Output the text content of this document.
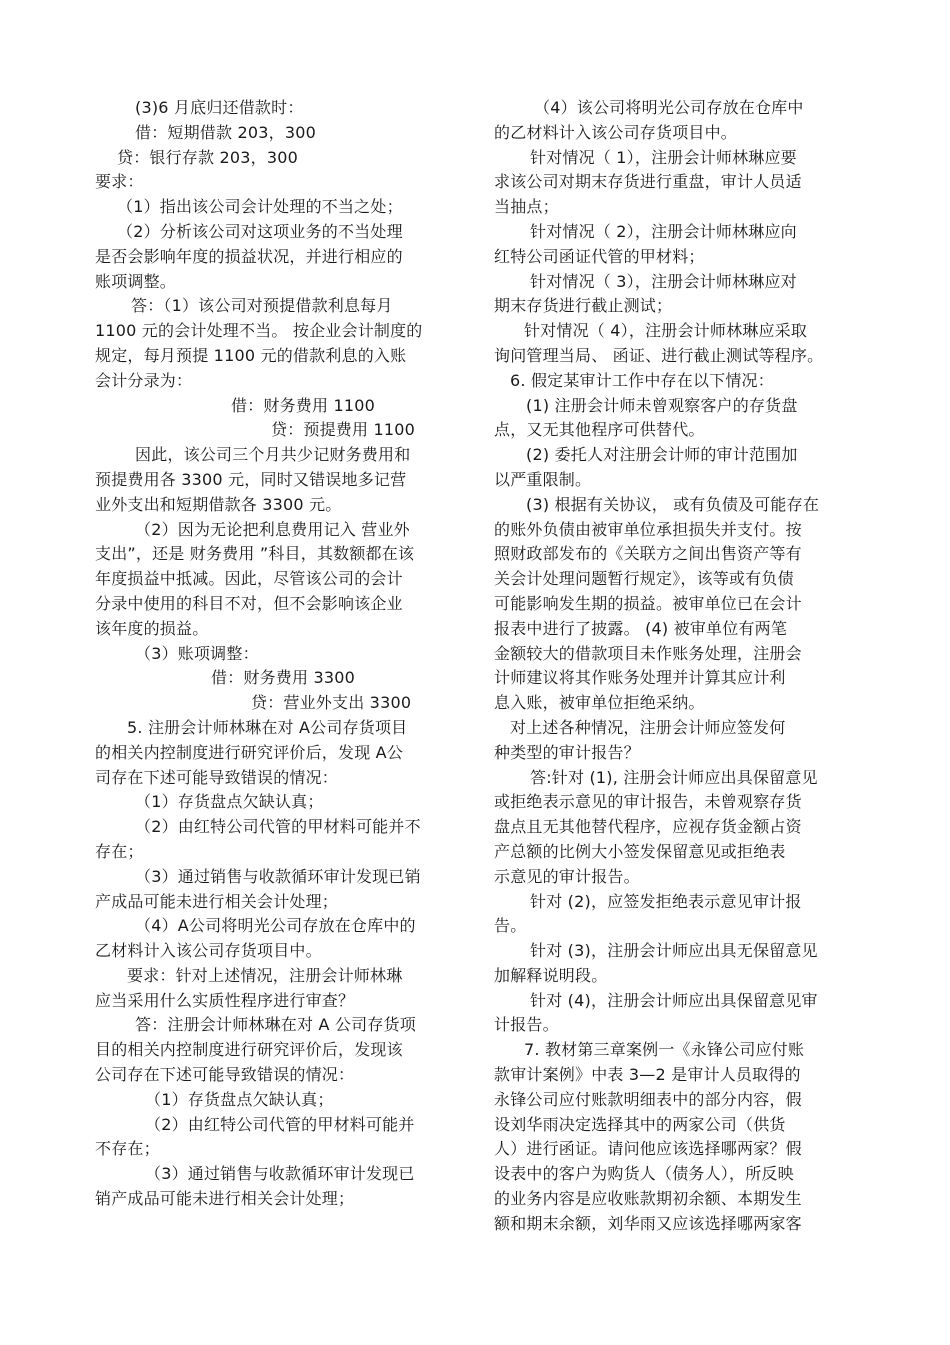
(3)6 月底归还借款时：
借：短期借款 203，300
贷：银行存款 203，300
要求：
（1）指出该公司会计处理的不当之处；
（2）分析该公司对这项业务的不当处理
是否会影响年度的损益状况，并进行相应的
账项调整。
答：（1）该公司对预提借款利息每月
1100 元的会计处理不当。 按企业会计制度的
规定，每月预提 1100 元的借款利息的入账
会计分录为：
借：财务费用 1100
贷：预提费用 1100
因此，该公司三个月共少记财务费用和
预提费用各 3300 元，同时又错误地多记营
业外支出和短期借款各 3300 元。
（2）因为无论把利息费用记入 营业外
支出”，还是 财务费用 ”科目，其数额都在该
年度损益中抵减。因此，尽管该公司的会计
分录中使用的科目不对，但不会影响该企业
该年度的损益。
（3）账项调整：
借：财务费用 3300
贷：营业外支出 3300
5. 注册会计师林琳在对 A公司存货项目
的相关内控制度进行研究评价后，发现 A公
司存在下述可能导致错误的情况：
（1）存货盘点欠缺认真；
（2）由红特公司代管的甲材料可能并不
存在；
（3）通过销售与收款循环审计发现已销
产成品可能未进行相关会计处理；
（4）A公司将明光公司存放在仓库中的
乙材料计入该公司存货项目中。
要求：针对上述情况，注册会计师林琳
应当采用什么实质性程序进行审查？
答：注册会计师林琳在对 A 公司存货项
目的相关内控制度进行研究评价后，发现该
公司存在下述可能导致错误的情况：
（1）存货盘点欠缺认真；
（2）由红特公司代管的甲材料可能并
不存在；
（3）通过销售与收款循环审计发现已
销产成品可能未进行相关会计处理；
（4）该公司将明光公司存放在仓库中
的乙材料计入该公司存货项目中。
针对情况（ 1），注册会计师林琳应要
求该公司对期末存货进行重盘，审计人员适
当抽点；
针对情况（ 2），注册会计师林琳应向
红特公司函证代管的甲材料；
针对情况（ 3），注册会计师林琳应对
期末存货进行截止测试；
针对情况（ 4），注册会计师林琳应采取
询问管理当局、 函证、进行截止测试等程序。
6. 假定某审计工作中存在以下情况：
(1) 注册会计师未曾观察客户的存货盘
点，又无其他程序可供替代。
(2) 委托人对注册会计师的审计范围加
以严重限制。
(3) 根据有关协议， 或有负债及可能存在
的账外负债由被审单位承担损失并支付。按
照财政部发布的《关联方之间出售资产等有
关会计处理问题暂行规定》，该等或有负债
可能影响发生期的损益。被审单位已在会计
报表中进行了披露。 (4) 被审单位有两笔
金额较大的借款项目未作账务处理，注册会
计师建议将其作账务处理并计算其应计利
息入账，被审单位拒绝采纳。
对上述各种情况，注册会计师应签发何
种类型的审计报告？
答:针对 (1), 注册会计师应出具保留意见
或拒绝表示意见的审计报告，未曾观察存货
盘点且无其他替代程序，应视存货金额占资
产总额的比例大小签发保留意见或拒绝表
示意见的审计报告。
针对 (2)，应签发拒绝表示意见审计报
告。
针对 (3)，注册会计师应出具无保留意见
加解释说明段。
针对 (4)，注册会计师应出具保留意见审
计报告。
7. 教材第三章案例一《永锋公司应付账
款审计案例》中表 3—2 是审计人员取得的
永锋公司应付账款明细表中的部分内容，假
设刘华雨决定选择其中的两家公司（供货
人）进行函证。请问他应该选择哪两家？假
设表中的客户为购货人（债务人），所反映
的业务内容是应收账款期初余额、本期发生
额和期末余额，刘华雨又应该选择哪两家客
